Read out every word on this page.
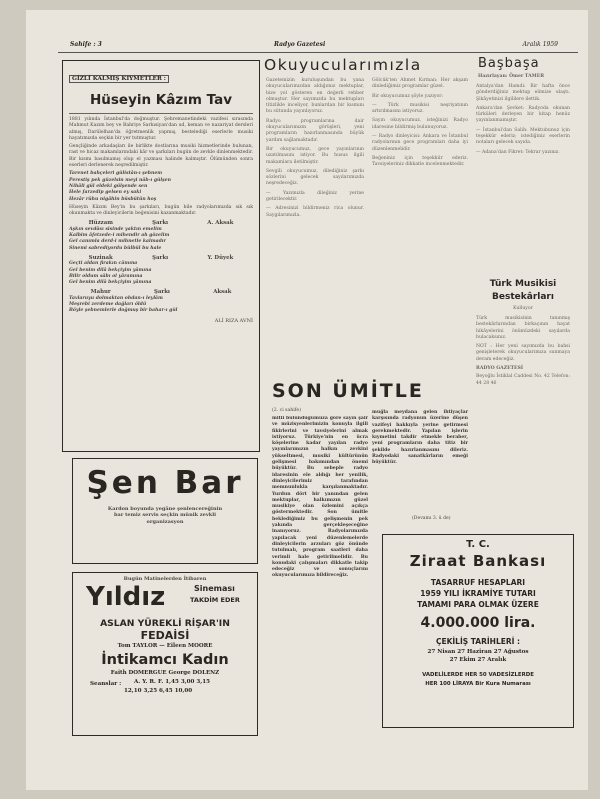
Sahife : 3	Radyo Gazetesi	Aralık 1959
GİZLİ KALMIŞ KIYMETLER :
Hüseyin Kâzım Tav
1881 yılında İstanbul'da doğmuştur. Şehremanetindeki vazifesi sırasında Mahmut Kazım bey ve Bahriye Sarkısiyan'dan ud, keman ve nazariyat dersleri almış, Darülelhan'da öğretmenlik yapmış, bestelediği eserlerle musiki hayatımızda seçkin bir yer tutmuştur.
Gençliğinde arkadaşları ile birlikte dostlarına musiki hizmetlerinde bulunan, rast ve hicaz makamlarındaki kâr ve şarkıları bugün de zevkle dinlenmektedir. Bir kısmı basılmamış olup el yazması halinde kalmıştır. Ölümünden sonra eserleri derlenerek neşredilmiştir.
Tarenet bahçeleri gülistân-ı şebnem
Perestiş pek güzelsin meyi nâb-ı gülşen
Nihâli gül eldeki gülşende sen
Hele farzedip gelsen ey saki
Hezâr rûhu nigâhin büsbütün hoş
Hüseyin Kâzım Bey'in bu şarkıları, bugün bile radyolarımızda sık sık okunmakta ve dinleyicilerin beğenisini kazanmaktadır.
Hüzzam	Şarkı	A. Aksak
Aşkın sevdâsı sisinde yaktın emelim
Kalbim âfetzede-i mihendir ah gözelim
Gel canımla derd-i mihnetle kalmadır
Sinemi sabrediyordu bülbül bu hale
Suzinak	Şarkı	Y. Düyek
Geçti aldan firakın câmına
Gel benim dilâ bekçiyim yâmına
Bilir oldum sâbı ol yâramına
Gel benim dilâ bekçiyim yâmına
Mahur	Şarkı	Aksak
Tavlaruyu dolmaktan ohdan-ı leylâm
Meşrebi zerdeme dağları öldü
Böyle şebnemlerle doğmuş bir bahar-ı gül
ALİ RIZA AVNİ
Şen Bar
Kardon boyunda yegâne şenlencereğinin
bar temiz servis seçkin münik zevkli
organizasyon
Bugün Matinelerden İtibaren
Yıldız	Sineması
TAKDİM EDER
ASLAN YÜREKLİ RİŞAR'IN
FEDAİSİ
Tom TAYLOR — Eileen MOORE
İntikamcı Kadın
Faith DOMERGUE George DOLENZ
Seanslar : A. Y. R. F. 1,45 3,00 3,15
12,10 3,25 6,45 10,00
Okuyucularımızla

Gazetemizin kuruluşundan bu yana okuyucularımızdan aldığımız mektuplar, bize yol gösteren en değerli rehber olmuştur. Her sayımızda bu mektupları titizlikle inceliyor, bunlardan bir kısmını bu sütunda yayınlıyoruz.

Radyo programlarına dair okuyucularımızın görüşleri, yeni programların hazırlanmasında büyük yardım sağlamaktadır.

Bir okuyucumuz, gece yayınlarının uzatılmasını istiyor. Bu husus ilgili makamlara iletilmiştir.

Sevgili okuyucumuz, dilediğiniz şarkı sözlerini gelecek sayılarımızda neşredeceğiz.

— Yazımızla dileğiniz yerine getirilecektir.

— Adresinizi bildirmeniz rica olunur. Saygılarımızla.

Gölcük'ten Ahmet Kırman: Her akşam dinlediğimiz programlar güzel.

Bir okuyucumuz şöyle yazıyor:

— Türk musikisi neşriyatının artırılmasını istiyoruz.

Sayın okuyucumuz, isteğinizi Radyo idaresine bildirmiş bulunuyoruz.

— Radyo dinleyicisi: Ankara ve İstanbul radyolarının gece programları daha iyi düzenlenmelidir.

Beğeniniz için teşekkür ederiz. Tavsiyeleriniz dikkatle incelenmektedir.

Başbaşa
Hazırlayan: Ömer TAMER

Antalya'dan Hamdi: Bir hafta önce gönderdiğiniz mektup elimize ulaştı. Şikâyetinizi ilgililere ilettik.

Ankara'dan Şevket: Radyoda okunan türküleri derleyen bir kitap henüz yayınlanmamıştır.

— İstanbul'dan Salih: Mektubunuz için teşekkür ederiz; istediğiniz eserlerin notaları gelecek sayıda.

— Adana'dan Fikret: Tekrar yazınız.

Türk Musikisi Bestekârları
Kulluyor

Türk musikisinin tanınmış bestekârlarından birkaçının hayat hikâyelerini önümüzdeki sayılarda bulacaksınız.

NOT : Her yeni sayımızda bu bahsi genişleterek okuyucularımıza sunmaya devam edeceğiz.

RADYO GAZETESİ

Beyoğlu İstiklal Caddesi No. 42 Telefon: 44 28 46

SON ÜMİTLE
(2. ci sahife)
mitli bulunduğumuza göre sayın şair ve müzisyenlerimizin konuyla ilgili fikirlerini ve tavsiyelerini almak istiyoruz. Türkiye'nin en ücra köşelerine kadar yayılan radyo yayınlarımızın halkın zevkini yükseltmesi, musiki kültürünün gelişmesi bakımından önemi büyüktür. Bu sebeple radyo idaresinin ele aldığı her yenilik, dinleyicilerimiz tarafından memnunlukla karşılanmaktadır. Yurdun dört bir yanından gelen mektuplar, halkımızın güzel musikiye olan özlemini açıkça göstermektedir. Son ümitle beklediğimiz bu gelişmenin pek yakında gerçekleşeceğine inanıyoruz. Radyolarımızda yapılacak yeni düzenlemelerde dinleyicilerin arzuları göz önünde tutulmalı, program saatleri daha verimli hale getirilmelidir. Bu konudaki çalışmaları dikkatle takip edeceğiz ve sonuçlarını okuyucularımıza bildireceğiz.
muğla meydana gelen ihtiyaçlar karşısında radyonun üzerine düşen vazifeyi hakkıyla yerine getirmesi gerekmektedir. Yapılan işlerin kıymetini takdir etmekle beraber, yeni programların daha titiz bir şekilde hazırlanmasını dileriz. Radyodaki sanatkârların emeği büyüktür.
(Devamı 3. ü de)
T. C.
Ziraat Bankası
TASARRUF HESAPLARI
1959 YILI İKRAMİYE TUTARI
TAMAMI PARA OLMAK ÜZERE
4.000.000 lira.
ÇEKİLİŞ TARİHLERİ :
27 Nisan 27 Haziran 27 Ağustos
27 Ekim 27 Aralık
VADELİLERDE HER 50 VADESİZLERDE
HER 100 LİRAYA Bir Kura Numarası
